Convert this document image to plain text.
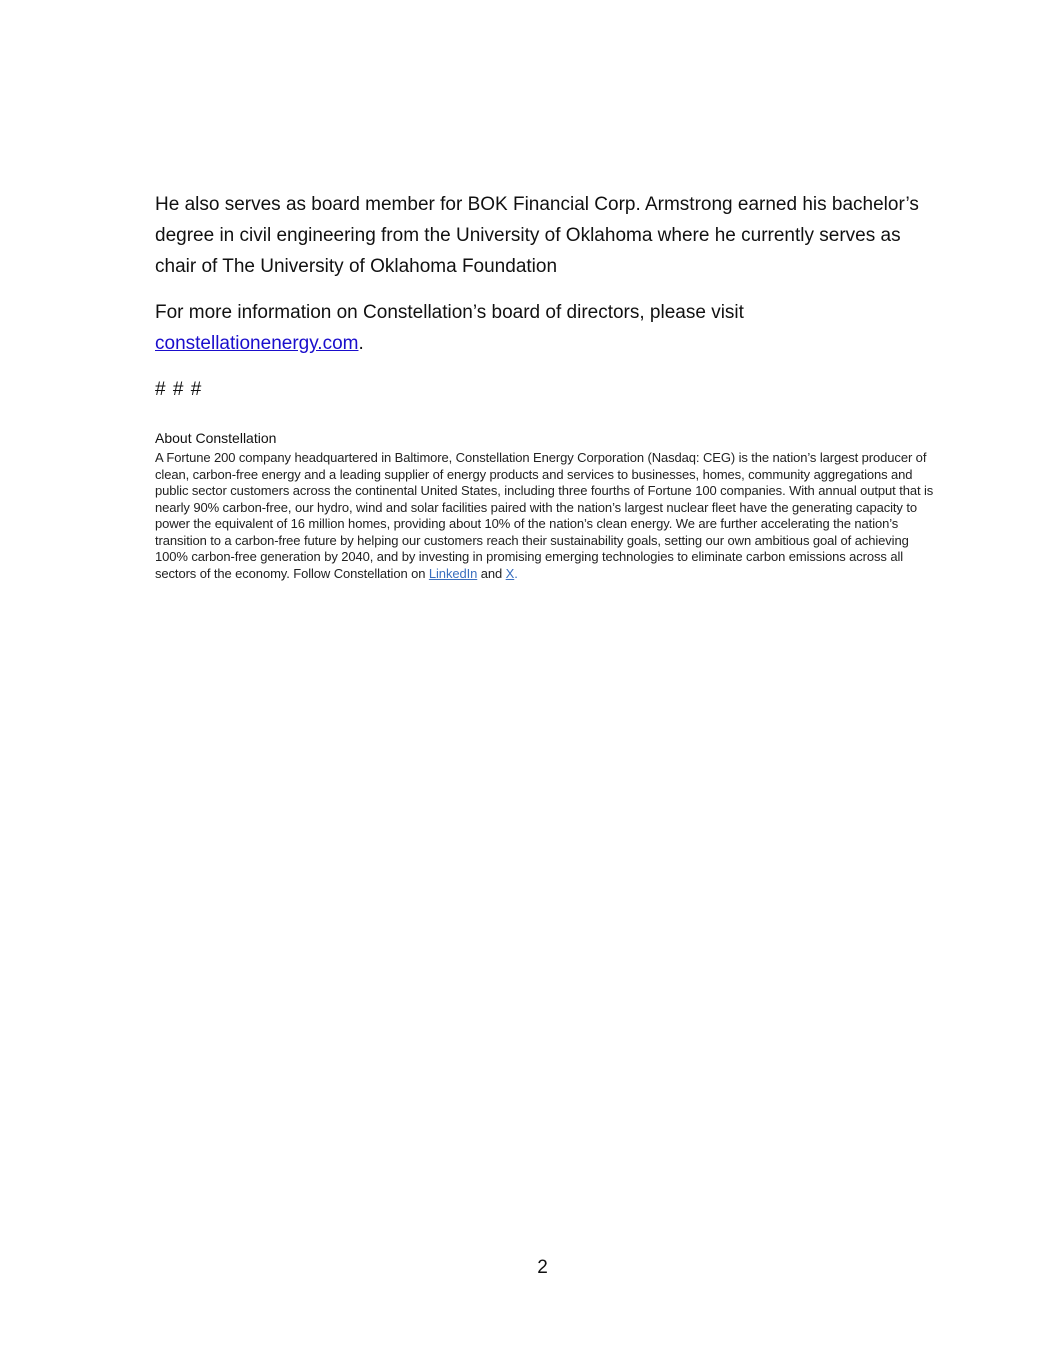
He also serves as board member for BOK Financial Corp. Armstrong earned his bachelor’s degree in civil engineering from the University of Oklahoma where he currently serves as chair of The University of Oklahoma Foundation

For more information on Constellation’s board of directors, please visit constellationenergy.com.

# # #

About Constellation

A Fortune 200 company headquartered in Baltimore, Constellation Energy Corporation (Nasdaq: CEG) is the nation’s largest producer of clean, carbon-free energy and a leading supplier of energy products and services to businesses, homes, community aggregations and public sector customers across the continental United States, including three fourths of Fortune 100 companies. With annual output that is nearly 90% carbon-free, our hydro, wind and solar facilities paired with the nation’s largest nuclear fleet have the generating capacity to power the equivalent of 16 million homes, providing about 10% of the nation’s clean energy. We are further accelerating the nation’s transition to a carbon-free future by helping our customers reach their sustainability goals, setting our own ambitious goal of achieving 100% carbon-free generation by 2040, and by investing in promising emerging technologies to eliminate carbon emissions across all sectors of the economy. Follow Constellation on LinkedIn and X.

2
